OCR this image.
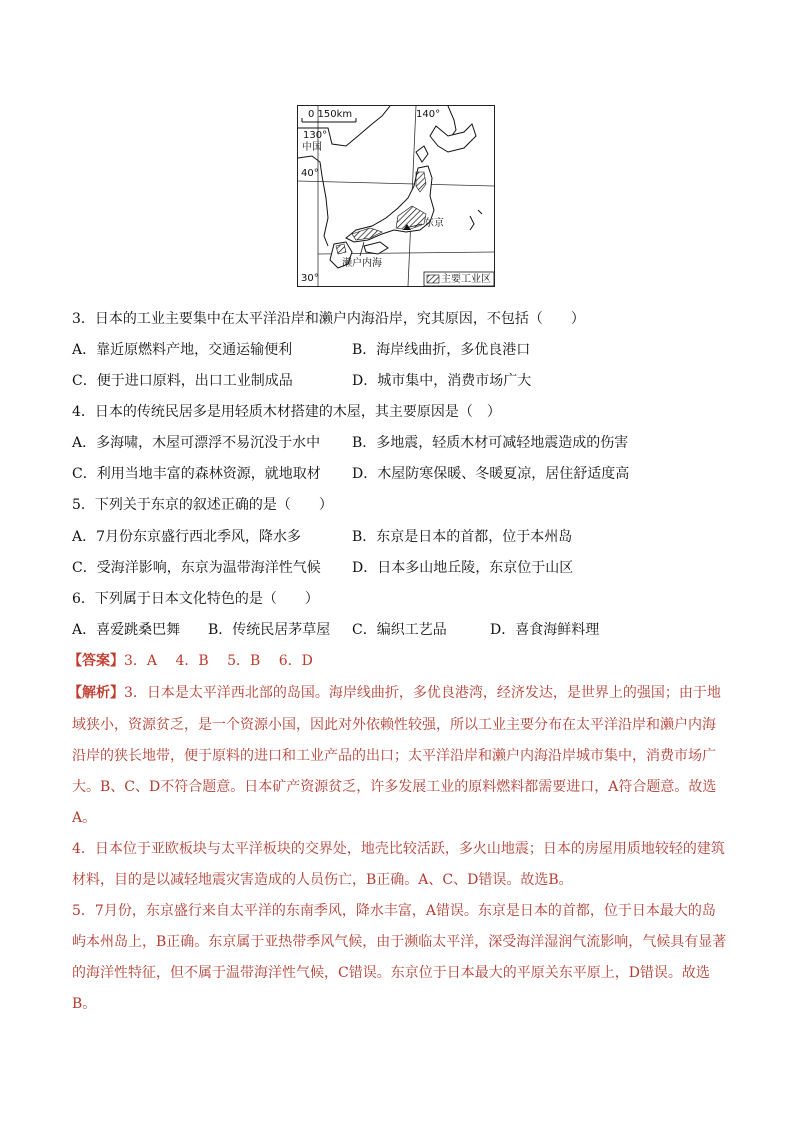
0 150km	140°
130°
中国
40°
30°
东京
濑户内海
主要工业区
3．日本的工业主要集中在太平洋沿岸和濑户内海沿岸，究其原因，不包括（　　）
A．靠近原燃料产地，交通运输便利	B．海岸线曲折，多优良港口
C．便于进口原料，出口工业制成品	D．城市集中，消费市场广大
4．日本的传统民居多是用轻质木材搭建的木屋，其主要原因是（　）
A．多海啸，木屋可漂浮不易沉没于水中 B．多地震，轻质木材可减轻地震造成的伤害
C．利用当地丰富的森林资源，就地取材 D．木屋防寒保暖、冬暖夏凉，居住舒适度高
5．下列关于东京的叙述正确的是（　　）
A．7月份东京盛行西北季风，降水多	B．东京是日本的首都，位于本州岛
C．受海洋影响，东京为温带海洋性气候 D．日本多山地丘陵，东京位于山区
6．下列属于日本文化特色的是（　　）
A．喜爱跳桑巴舞 B．传统民居茅草屋 C．编织工艺品	D．喜食海鲜料理
【答案】3．A　 4．B　 5．B　 6．D
【解析】3．日本是太平洋西北部的岛国。海岸线曲折，多优良港湾，经济发达，是世界上的强国；由于地
域狭小，资源贫乏，是一个资源小国，因此对外依赖性较强，所以工业主要分布在太平洋沿岸和濑户内海
沿岸的狭长地带，便于原料的进口和工业产品的出口；太平洋沿岸和濑户内海沿岸城市集中，消费市场广
大。B、C、D不符合题意。日本矿产资源贫乏，许多发展工业的原料燃料都需要进口，A符合题意。故选
A。
4．日本位于亚欧板块与太平洋板块的交界处，地壳比较活跃，多火山地震；日本的房屋用质地较轻的建筑
材料，目的是以减轻地震灾害造成的人员伤亡，B正确。A、C、D错误。故选B。
5．7月份，东京盛行来自太平洋的东南季风，降水丰富，A错误。东京是日本的首都，位于日本最大的岛
屿本州岛上，B正确。东京属于亚热带季风气候，由于濒临太平洋，深受海洋湿润气流影响，气候具有显著
的海洋性特征，但不属于温带海洋性气候，C错误。东京位于日本最大的平原关东平原上，D错误。故选
B。
